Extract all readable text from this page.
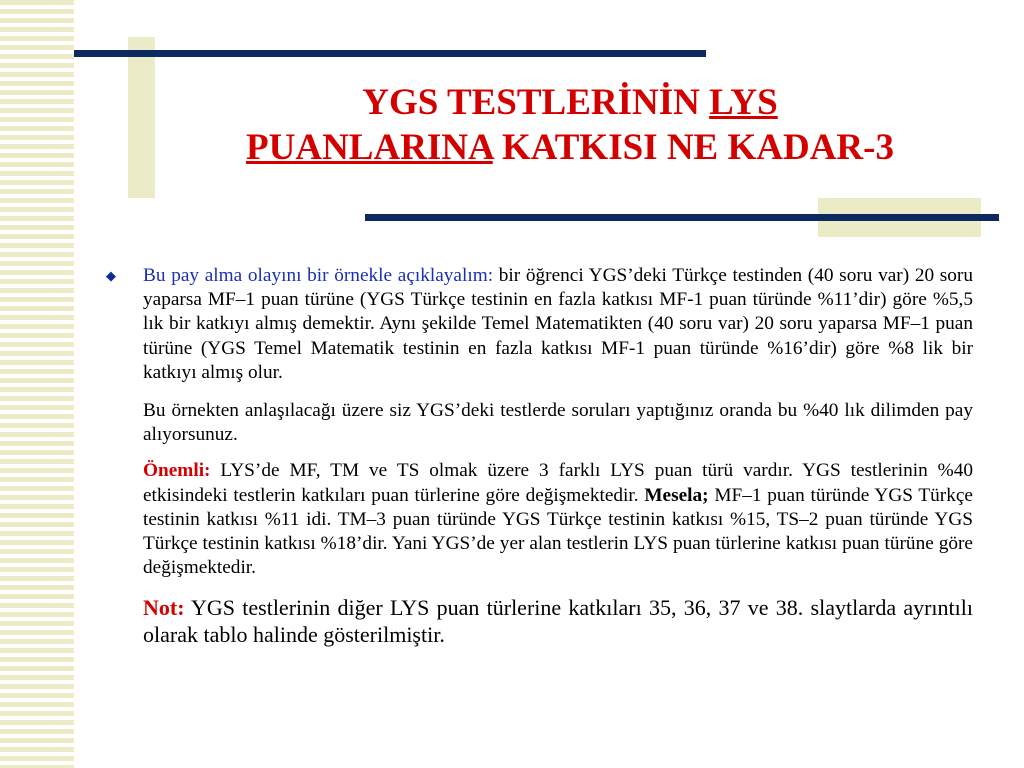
YGS TESTLERİNİN LYS
PUANLARINA KATKISI NE KADAR-3
◆ Bu pay alma olayını bir örnekle açıklayalım: bir öğrenci YGS’deki Türkçe testinden (40 soru var) 20 soru yaparsa MF–1 puan türüne (YGS Türkçe testinin en fazla katkısı MF-1 puan türünde %11’dir) göre %5,5 lık bir katkıyı almış demektir. Aynı şekilde Temel Matematikten (40 soru var) 20 soru yaparsa MF–1 puan türüne (YGS Temel Matematik testinin en fazla katkısı MF-1 puan türünde %16’dir) göre %8 lik bir katkıyı almış olur.

Bu örnekten anlaşılacağı üzere siz YGS’deki testlerde soruları yaptığınız oranda bu %40 lık dilimden pay alıyorsunuz.

Önemli: LYS’de MF, TM ve TS olmak üzere 3 farklı LYS puan türü vardır. YGS testlerinin %40 etkisindeki testlerin katkıları puan türlerine göre değişmektedir. Mesela; MF–1 puan türünde YGS Türkçe testinin katkısı %11 idi. TM–3 puan türünde YGS Türkçe testinin katkısı %15, TS–2 puan türünde YGS Türkçe testinin katkısı %18’dir. Yani YGS’de yer alan testlerin LYS puan türlerine katkısı puan türüne göre değişmektedir.

Not: YGS testlerinin diğer LYS puan türlerine katkıları 35, 36, 37 ve 38. slaytlarda ayrıntılı olarak tablo halinde gösterilmiştir.
